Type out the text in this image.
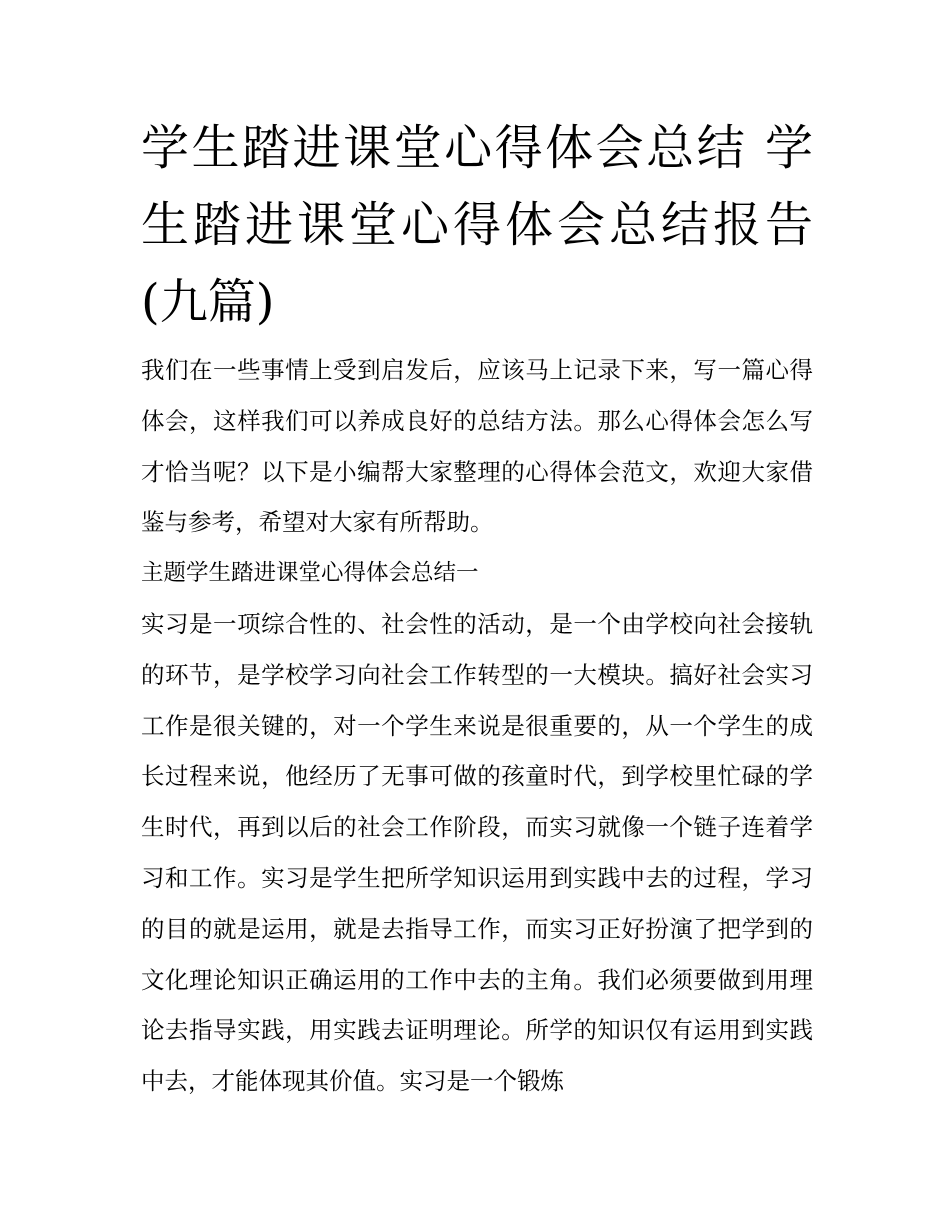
学生踏进课堂心得体会总结 学生踏进课堂心得体会总结报告(九篇)

我们在一些事情上受到启发后，应该马上记录下来，写一篇心得体会，这样我们可以养成良好的总结方法。那么心得体会怎么写才恰当呢？以下是小编帮大家整理的心得体会范文，欢迎大家借鉴与参考，希望对大家有所帮助。

主题学生踏进课堂心得体会总结一

实习是一项综合性的、社会性的活动，是一个由学校向社会接轨的环节，是学校学习向社会工作转型的一大模块。搞好社会实习工作是很关键的，对一个学生来说是很重要的，从一个学生的成长过程来说，他经历了无事可做的孩童时代，到学校里忙碌的学生时代，再到以后的社会工作阶段，而实习就像一个链子连着学习和工作。实习是学生把所学知识运用到实践中去的过程，学习的目的就是运用，就是去指导工作，而实习正好扮演了把学到的文化理论知识正确运用的工作中去的主角。我们必须要做到用理论去指导实践，用实践去证明理论。所学的知识仅有运用到实践中去，才能体现其价值。实习是一个锻炼
